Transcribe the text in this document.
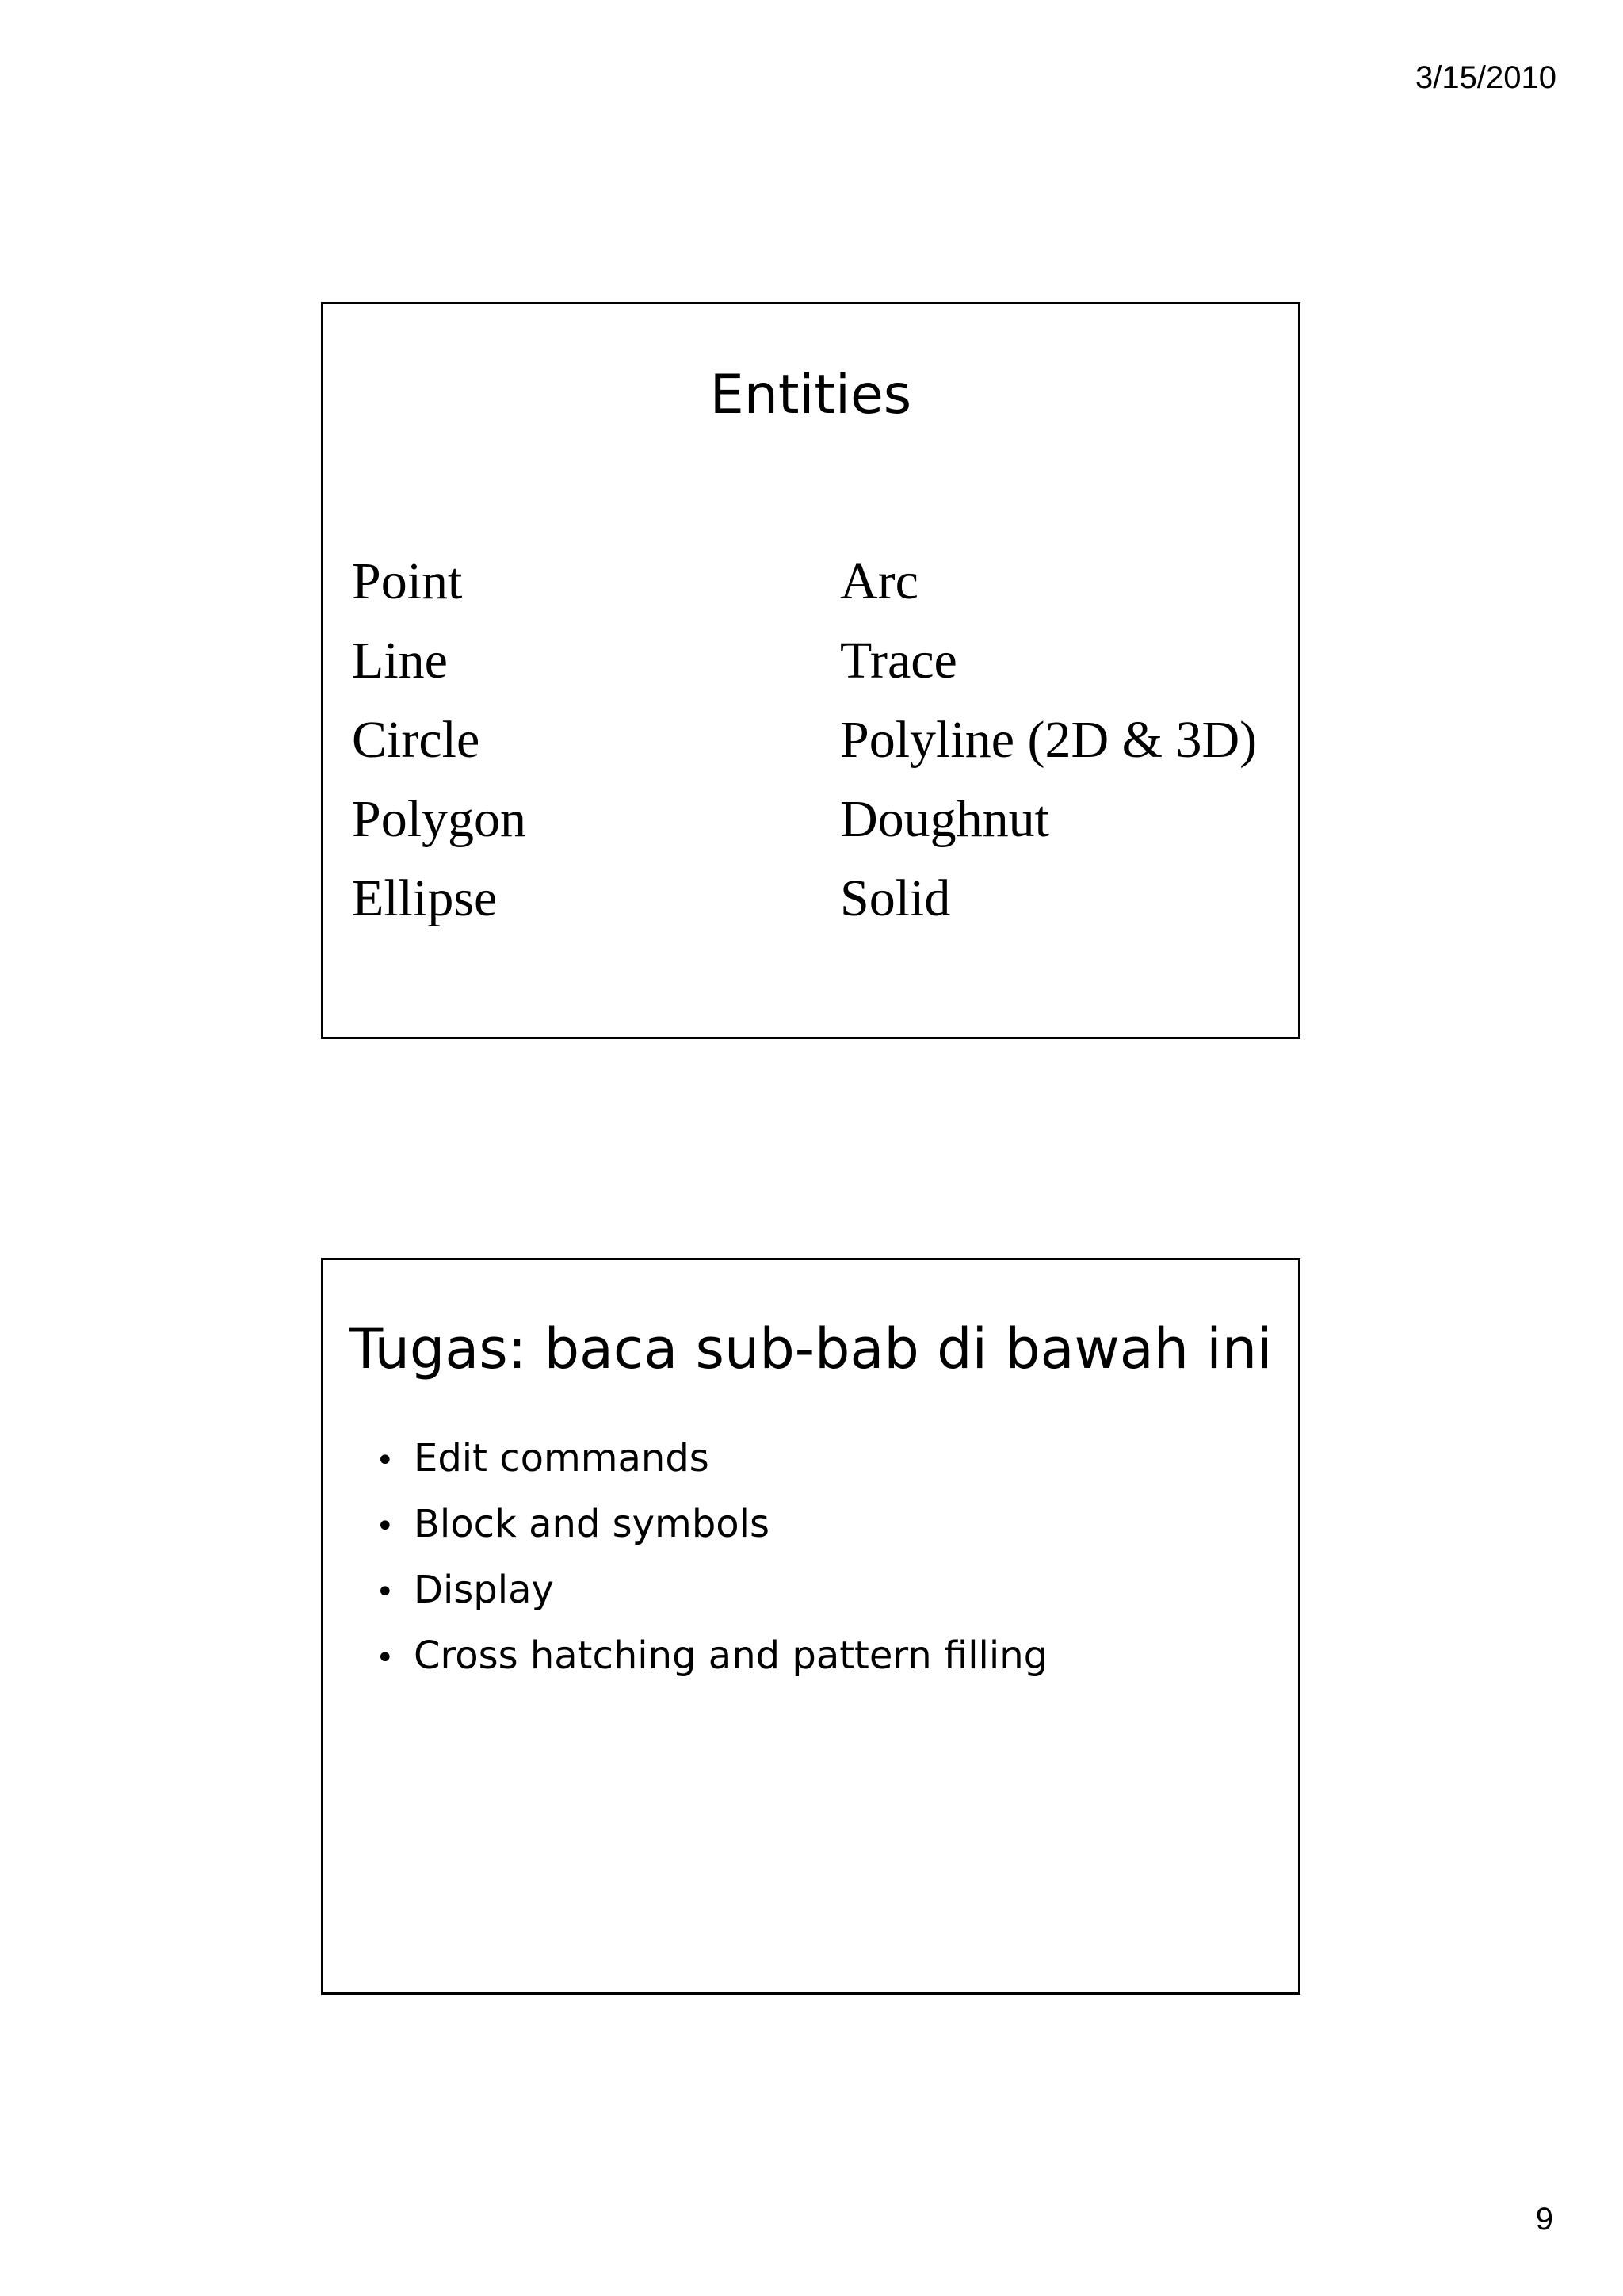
3/15/2010
Entities
Point
Line
Circle
Polygon
Ellipse
Arc
Trace
Polyline (2D & 3D)
Doughnut
Solid
Tugas: baca sub-bab di bawah ini
• Edit commands
• Block and symbols
• Display
• Cross hatching and pattern filling
9
